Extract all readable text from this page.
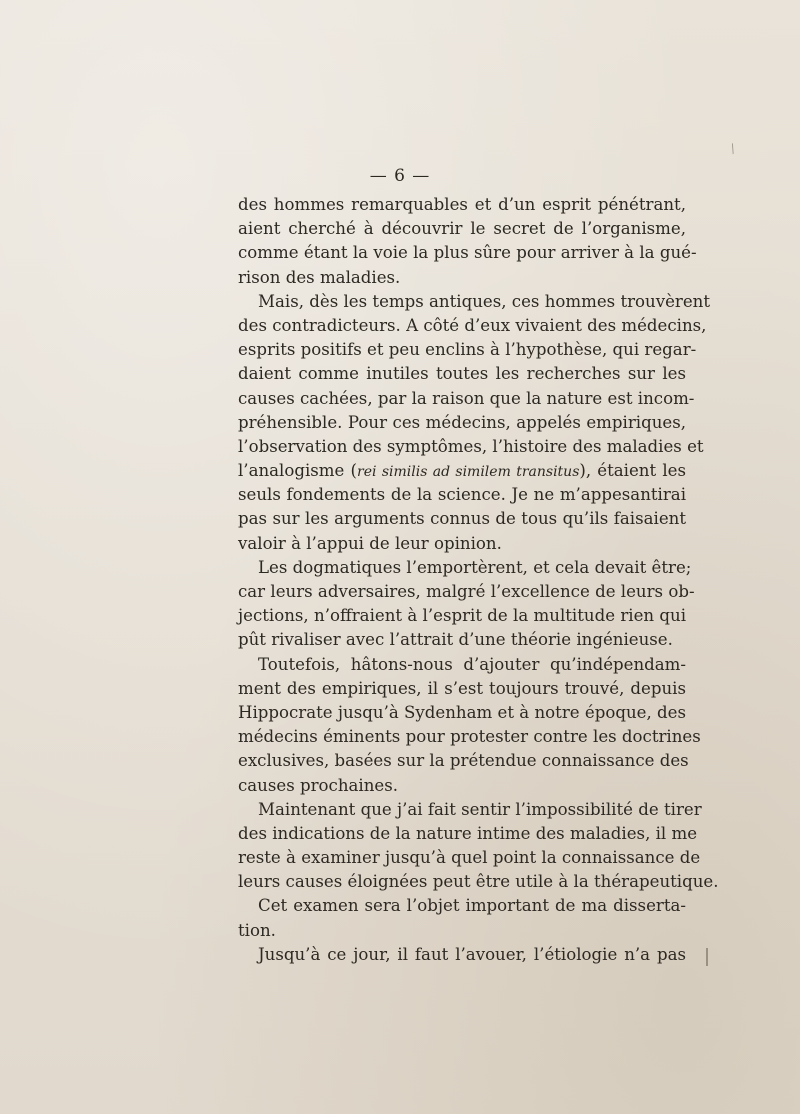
⁄
— 6 —
des hommes remarquables et d’un esprit pénétrant,
aient cherché à découvrir le secret de l’organisme,
comme étant la voie la plus sûre pour arriver à la gué-
rison des maladies.
Mais, dès les temps antiques, ces hommes trouvèrent
des contradicteurs. A côté d’eux vivaient des médecins,
esprits positifs et peu enclins à l’hypothèse, qui regar-
daient comme inutiles toutes les recherches sur les
causes cachées, par la raison que la nature est incom-
préhensible. Pour ces médecins, appelés empiriques,
l’observation des symptômes, l’histoire des maladies et
l’analogisme (rei similis ad similem transitus), étaient les
seuls fondements de la science. Je ne m’appesantirai
pas sur les arguments connus de tous qu’ils faisaient
valoir à l’appui de leur opinion.
Les dogmatiques l’emportèrent, et cela devait être;
car leurs adversaires, malgré l’excellence de leurs ob-
jections, n’offraient à l’esprit de la multitude rien qui
pût rivaliser avec l’attrait d’une théorie ingénieuse.
Toutefois, hâtons-nous d’ajouter qu’indépendam-
ment des empiriques, il s’est toujours trouvé, depuis
Hippocrate jusqu’à Sydenham et à notre époque, des
médecins éminents pour protester contre les doctrines
exclusives, basées sur la prétendue connaissance des
causes prochaines.
Maintenant que j’ai fait sentir l’impossibilité de tirer
des indications de la nature intime des maladies, il me
reste à examiner jusqu’à quel point la connaissance de
leurs causes éloignées peut être utile à la thérapeutique.
Cet examen sera l’objet important de ma disserta-
tion.
Jusqu’à ce jour, il faut l’avouer, l’étiologie n’a pas
